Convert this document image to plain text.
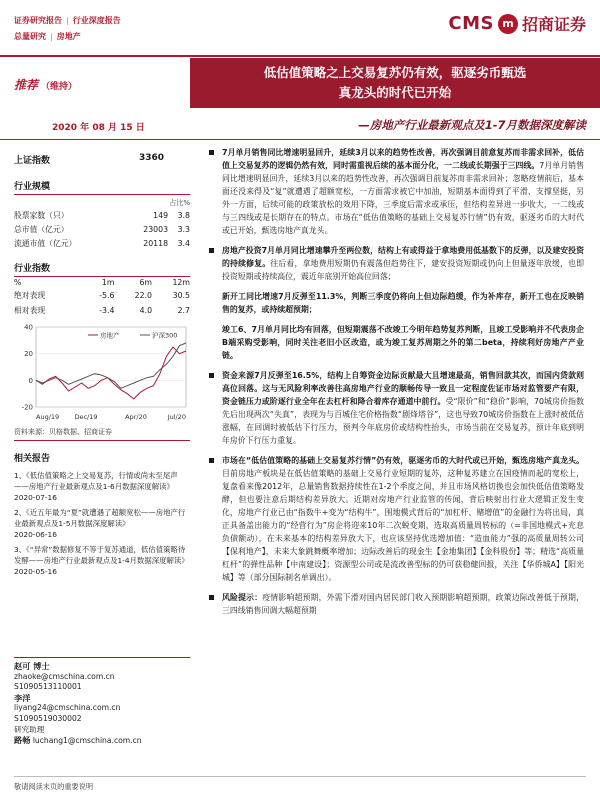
证券研究报告 | 行业深度报告
总量研究 | 房地产
CMS m 招商证券
推荐 （维持）
低估值策略之上交易复苏仍有效，驱逐劣币甄选
真龙头的时代已开始
2020 年 08 月 15 日	—房地产行业最新观点及1-7月数据深度解读
上证指数	3360
行业规模
占比%
股票家数（只）	149	3.8
总市值（亿元）	23003	3.3
流通市值（亿元）	20118	3.4
行业指数
%	1m	6m	12m
绝对表现	-5.6	22.0	30.5
相对表现	-3.4	4.0	2.7
40
20
0
-20
Aug/19 Dec/19	Apr/20	Jul/20
房地产	沪深300
资料来源：贝格数据、招商证券
相关报告
1、《低估值策略之上交易复苏，行情或尚未至尾声——房地产行业最新观点及1-6月数据深度解读》
2020-07-16
2、《近五年最为“夏”就遭遇了超额宽松——房地产行业最新观点及1-5月数据深度解读》
2020-06-16
3、《“异常”数据修复不等于复苏通道，低估值策略待发酵——房地产行业最新观点及1-4月数据深度解读》
2020-05-16
赵可 博士
zhaoke@cmschina.com.cn
S1090513110001
李洋
liyang24@cmschina.com.cn
S1090519030002
研究助理
路畅 luchang1@cmschina.com.cn
7月单月销售同比增速明显回升，延续3月以来的趋势性改善，再次强调目前意复苏而非需求回补，低估值上交易复苏的逻辑仍然有效，同时需重视后续的基本面分化，一二线或长期强于三四线。7月单月销售同比增速明显回升，延续3月以来的趋势性改善，再次强调目前复苏而非需求回补；忽略疫情前后，基本面还没来得及“复”就遭遇了超额宽松，一方面需求被它中加油，短期基本面得到了平滑、支撑坚挺，另外一方面，后续可能的政策放松的效用下降，三季度后需求或承压，但结构差异进一步收大，一二线或与三四线或是长期存在的特点。市场在“低估值策略的基础上交易复苏行情”仍有效，驱逐劣币的大时代或已开始，甄选房地产真龙头。
房地产投资7月单月同比增速攀升至两位数，结构上有或得益于拿地费用低基数下的反弹，以及建安投资的持续修复。往后看，拿地费用短期仍有震荡但趋势往下，建安投资短期或仍向上但量逐年放缓，也即投资短期或持续高位，震近年底别开始高位回落；
新开工同比增速7月反弹至11.3%，判断三季度仍将向上但边际趋缓，作为补库存，新开工也在反映销售的复苏，或持续超预期；
竣工6、7月单月同比均有回落，但短期震荡不改竣工今明年趋势复苏判断，且竣工受影响并不代表房企B端采购受影响，同时关注老旧小区改造，或为竣工复苏周期之外的第二beta，持续利好房地产产业链。
资金来源7月反弹至16.5%，结构上自筹资金边际贡献最大且增速最高，销售回款其次，而国内贷款则高位回落。这与无风险利率改善往高房地产行业的顺畅传导一致且一定程度佐证市场对监管要产有限，资金链压力或阶逐行业全年在去杠杆和降合着库存通道中前行。受“限价”和“稳价”影响，70城房价指数先后出现两次“失真”，表现为与百城住宅价格指数“剧烽塔谷”，这也导致70城房价指数在上涨时被低估涨幅，在回调时被低估下行压力，预判今年底房价或结构性抬头，市场当前在交易复苏，预计年底到明年房价下行压力重复。
市场在“低估值策略的基础上交易复苏行情”仍有效，驱逐劣币的大时代或已开始，甄选房地产真龙头。目前房地产板块是在低估值策略的基础上交易行业短期的复苏，这种复苏建立在国疫情而起的宽松上，复盘看来像2012年，总量销售数据持续性在1-2个季度之间，并且市场风格切换也会加快低估值策略发酵，但也要注意后期结构差异放大。近期对房地产行业监管的传闻，背后映射出行业大逻辑正发生变化，房地产行业已由“指数牛+变为“结构牛”，围地模式背后的“加杠杆、赌增值”的金融行为将出局，真正具备盖出能力的“经营行为”房企将迎来10年二次蜕变期，选取高质量周转标的（=非国地模式+充息负债额动），在未来基本的结构差异放大下，也应该坚持优选增加值：“造血能力”强的高质量周转公司【保利地产】，未来大象跳舞概率增加；边际改善后的现金生【金地集团】【金科股份】等；精选“高质量杠杆”的弹性品种【中南建设】；资源型公司或是流改善型标的仍可获稳健回报，关注【华侨城A】【阳光城】等（部分国际制名单调出）。
风险提示：疫情影响超预期，外需下滑对国内居民部门收入预期影响超预期，政策边际改善低于预期，三四线销售回调大幅超预期
敬请阅读末页的重要说明
